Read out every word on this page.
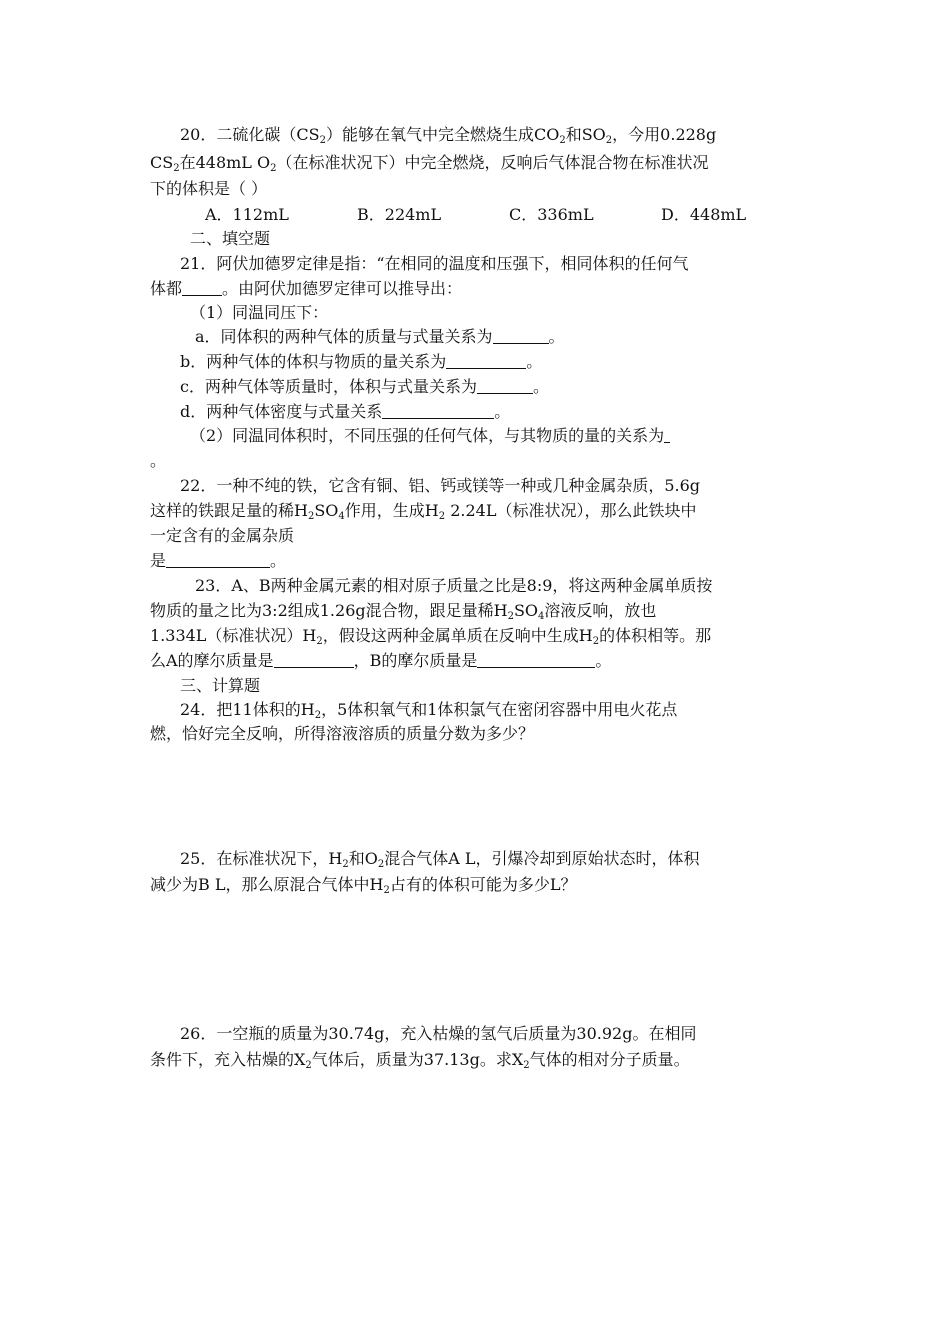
20．二硫化碳$(CS_2)$能够在氧气中完全燃烧生成$CO_2$和$SO_2$，今用0.228g
$CS_2$在448mL $O_2$（在标准状况下）中完全燃烧，反响后气体混合物在标准状况
下的体积是（ ）
A．112mL	B．224mL	C．336mL	D．448mL
二、填空题
21．阿伏加德罗定律是指：“在相同的温度和压强下，相同体积的任何气
体都	。由阿伏加德罗定律可以推导出：
（1）同温同压下：
a．同体积的两种气体的质量与式量关系为	。
b．两种气体的体积与物质的量关系为	。
c．两种气体等质量时，体积与式量关系为	。
d．两种气体密度与式量关系	。
（2）同温同体积时，不同压强的任何气体，与其物质的量的关系为
。
22．一种不纯的铁，它含有铜、铝、钙或镁等一种或几种金属杂质，5.6g
这样的铁跟足量的稀$H_2SO_4$作用，生成$H_2$ 2.24L（标准状况），那么此铁块中
一定含有的金属杂质
是	。
23．A、B两种金属元素的相对原子质量之比是8:9，将这两种金属单质按
物质的量之比为3:2组成1.26g混合物，跟足量稀$H_2SO_4$溶液反响，放也
1.334L（标准状况）$H_2$，假设这两种金属单质在反响中生成$H_2$的体积相等。那
么A的摩尔质量是	，B的摩尔质量是	。
三、计算题
24．把11体积的$H_2$，5体积氧气和1体积氯气在密闭容器中用电火花点
燃，恰好完全反响，所得溶液溶质的质量分数为多少？
25．在标准状况下，$H_2$和$O_2$混合气体A L，引爆冷却到原始状态时，体积
减少为B L，那么原混合气体中$H_2$占有的体积可能为多少L？
26．一空瓶的质量为30.74g，充入枯燥的氢气后质量为30.92g。在相同
条件下，充入枯燥的$X_2$气体后，质量为37.13g。求$X_2$气体的相对分子质量。
